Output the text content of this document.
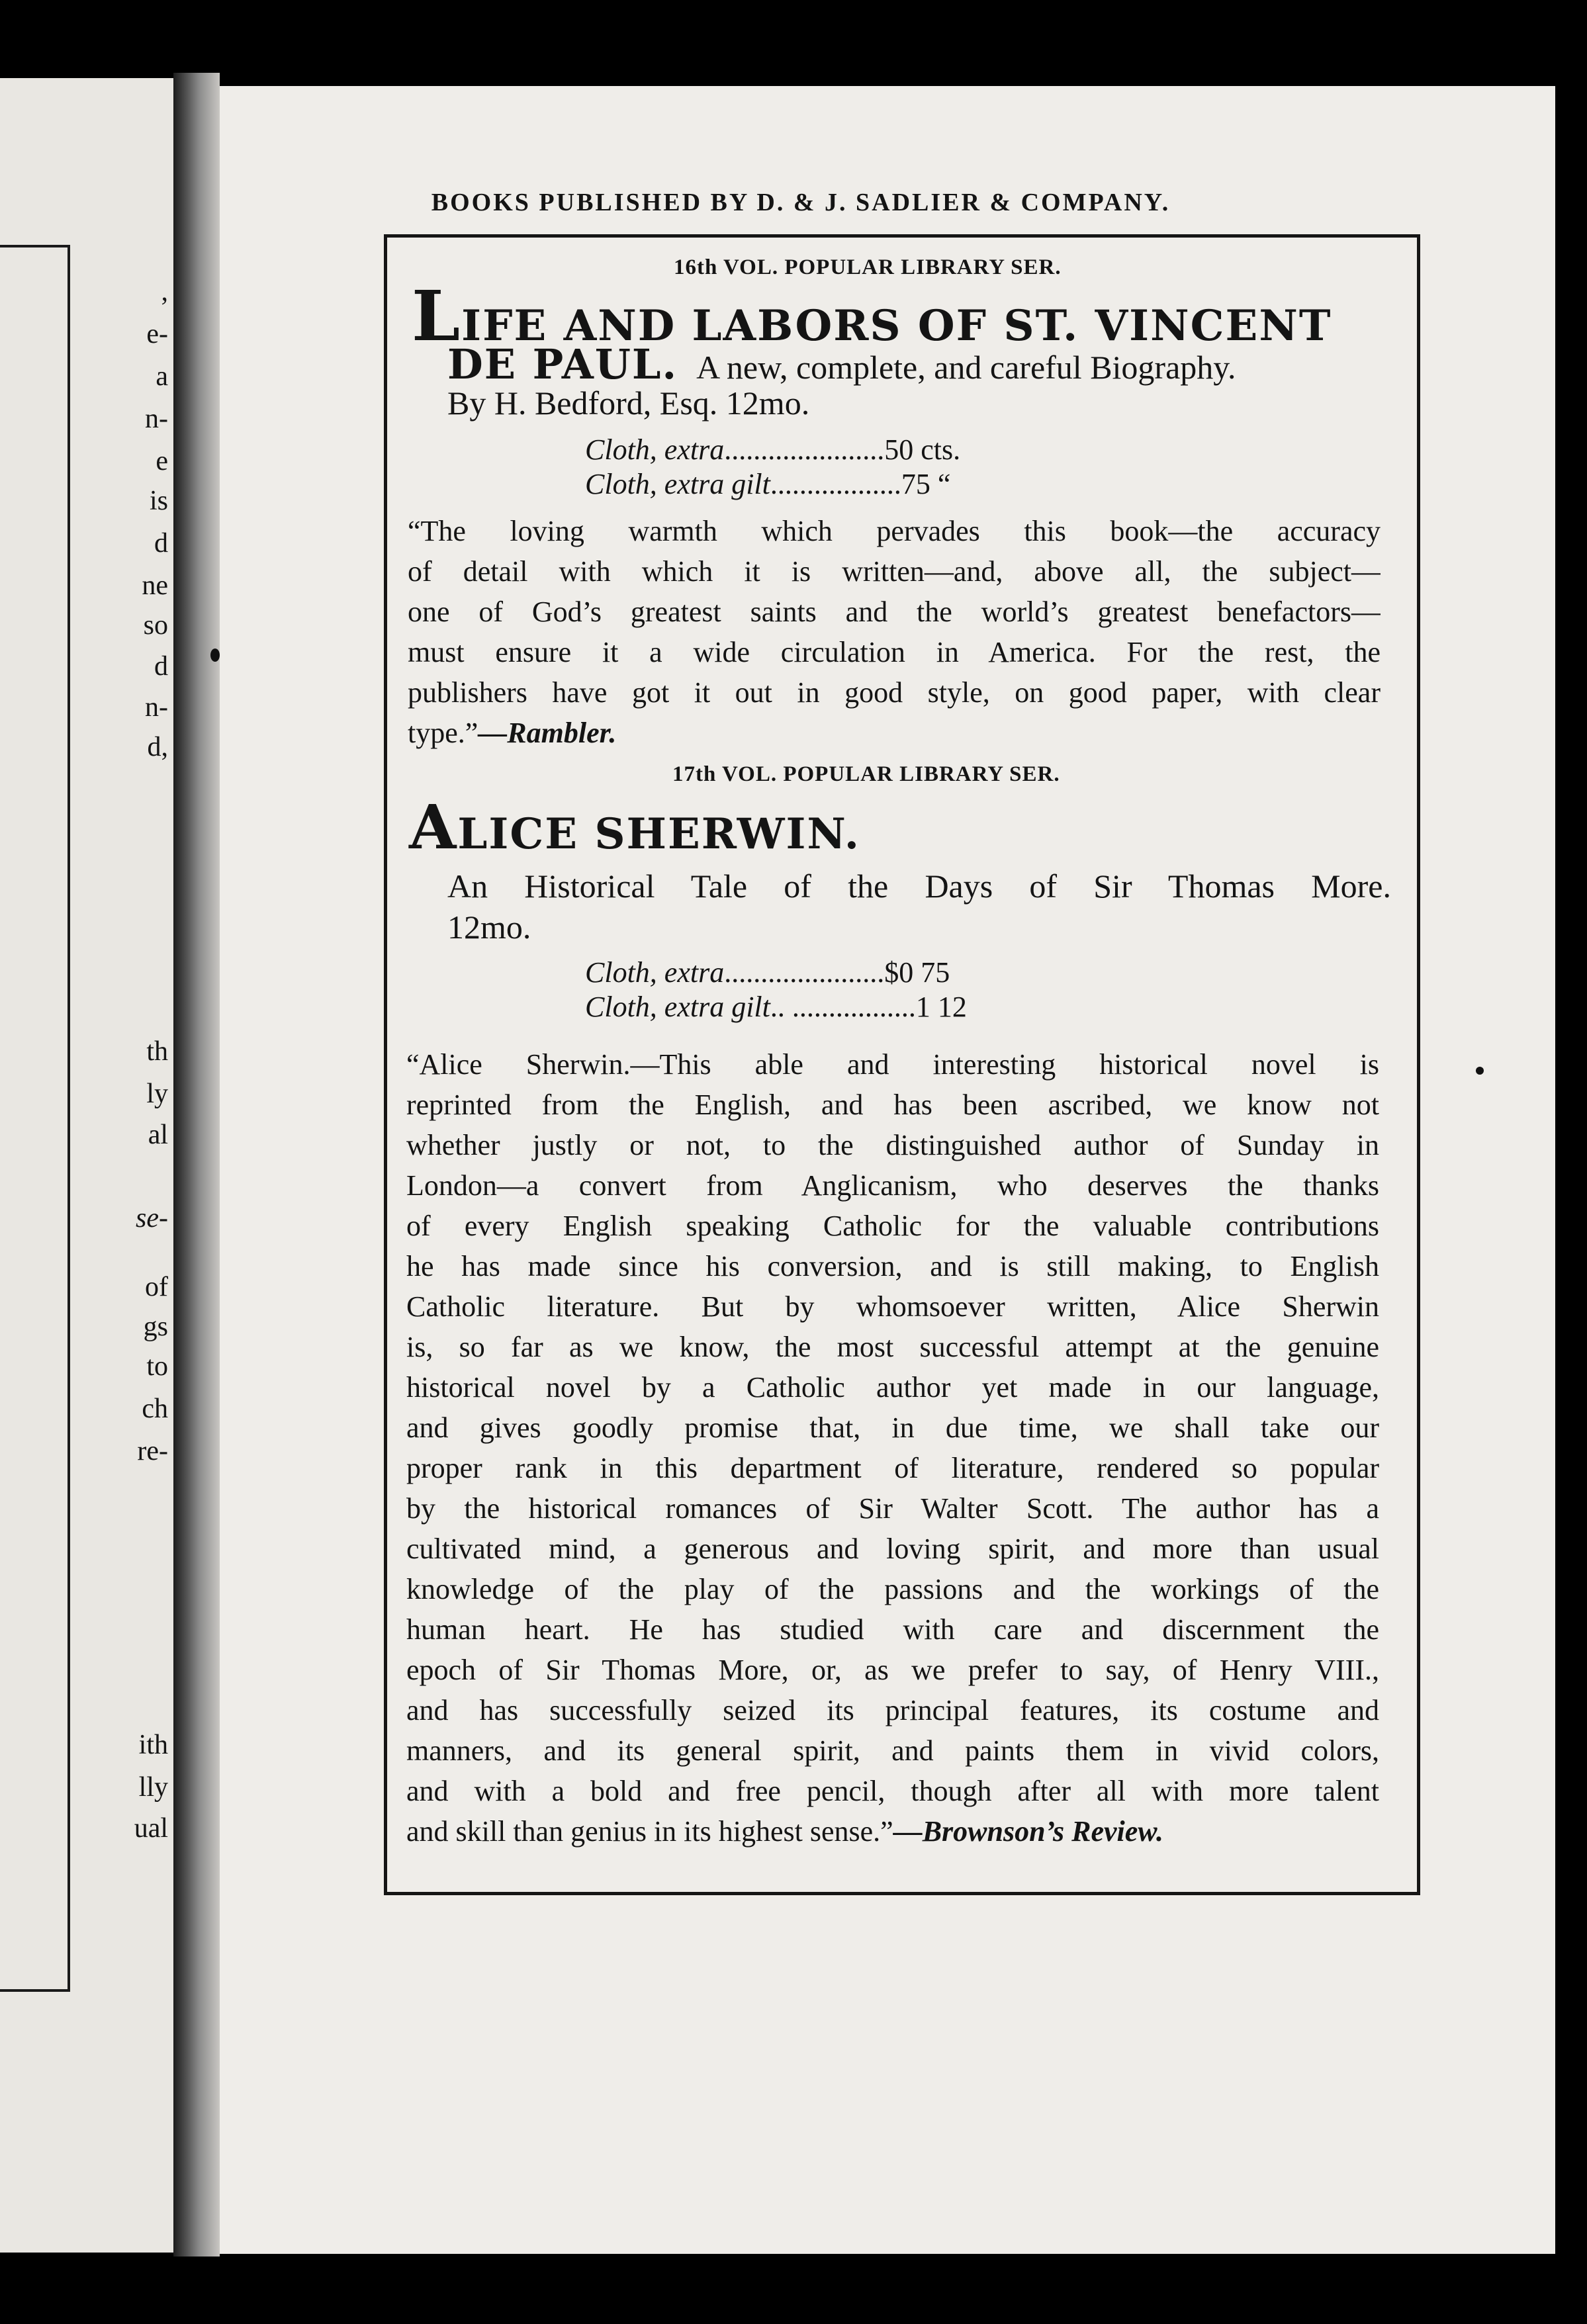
,
e-
a
n-
e
is
d
ne
so
d
n-
d,
th
ly
al
se-
of
gs
to
ch
re-
ith
lly
ual
BOOKS PUBLISHED BY D. & J. SADLIER & COMPANY.
16th VOL. POPULAR LIBRARY SER.
LIFE AND LABORS OF ST. VINCENT
DE PAUL. A new, complete, and careful Biography.
By H. Bedford, Esq. 12mo.
Cloth, extra......................50 cts.
Cloth, extra gilt..................75 “
“The loving warmth which pervades this book—the accuracy
of detail with which it is written—and, above all, the subject—
one of God’s greatest saints and the world’s greatest benefactors—
must ensure it a wide circulation in America. For the rest, the
publishers have got it out in good style, on good paper, with clear
type.”—Rambler.
17th VOL. POPULAR LIBRARY SER.
ALICE SHERWIN.
An Historical Tale of the Days of Sir Thomas More.
12mo.
Cloth, extra......................$0 75
Cloth, extra gilt.. .................1 12
“Alice Sherwin.—This able and interesting historical novel is
reprinted from the English, and has been ascribed, we know not
whether justly or not, to the distinguished author of Sunday in
London—a convert from Anglicanism, who deserves the thanks
of every English speaking Catholic for the valuable contributions
he has made since his conversion, and is still making, to English
Catholic literature. But by whomsoever written, Alice Sherwin
is, so far as we know, the most successful attempt at the genuine
historical novel by a Catholic author yet made in our language,
and gives goodly promise that, in due time, we shall take our
proper rank in this department of literature, rendered so popular
by the historical romances of Sir Walter Scott. The author has a
cultivated mind, a generous and loving spirit, and more than usual
knowledge of the play of the passions and the workings of the
human heart. He has studied with care and discernment the
epoch of Sir Thomas More, or, as we prefer to say, of Henry VIII.,
and has successfully seized its principal features, its costume and
manners, and its general spirit, and paints them in vivid colors,
and with a bold and free pencil, though after all with more talent
and skill than genius in its highest sense.”—Brownson’s Review.
